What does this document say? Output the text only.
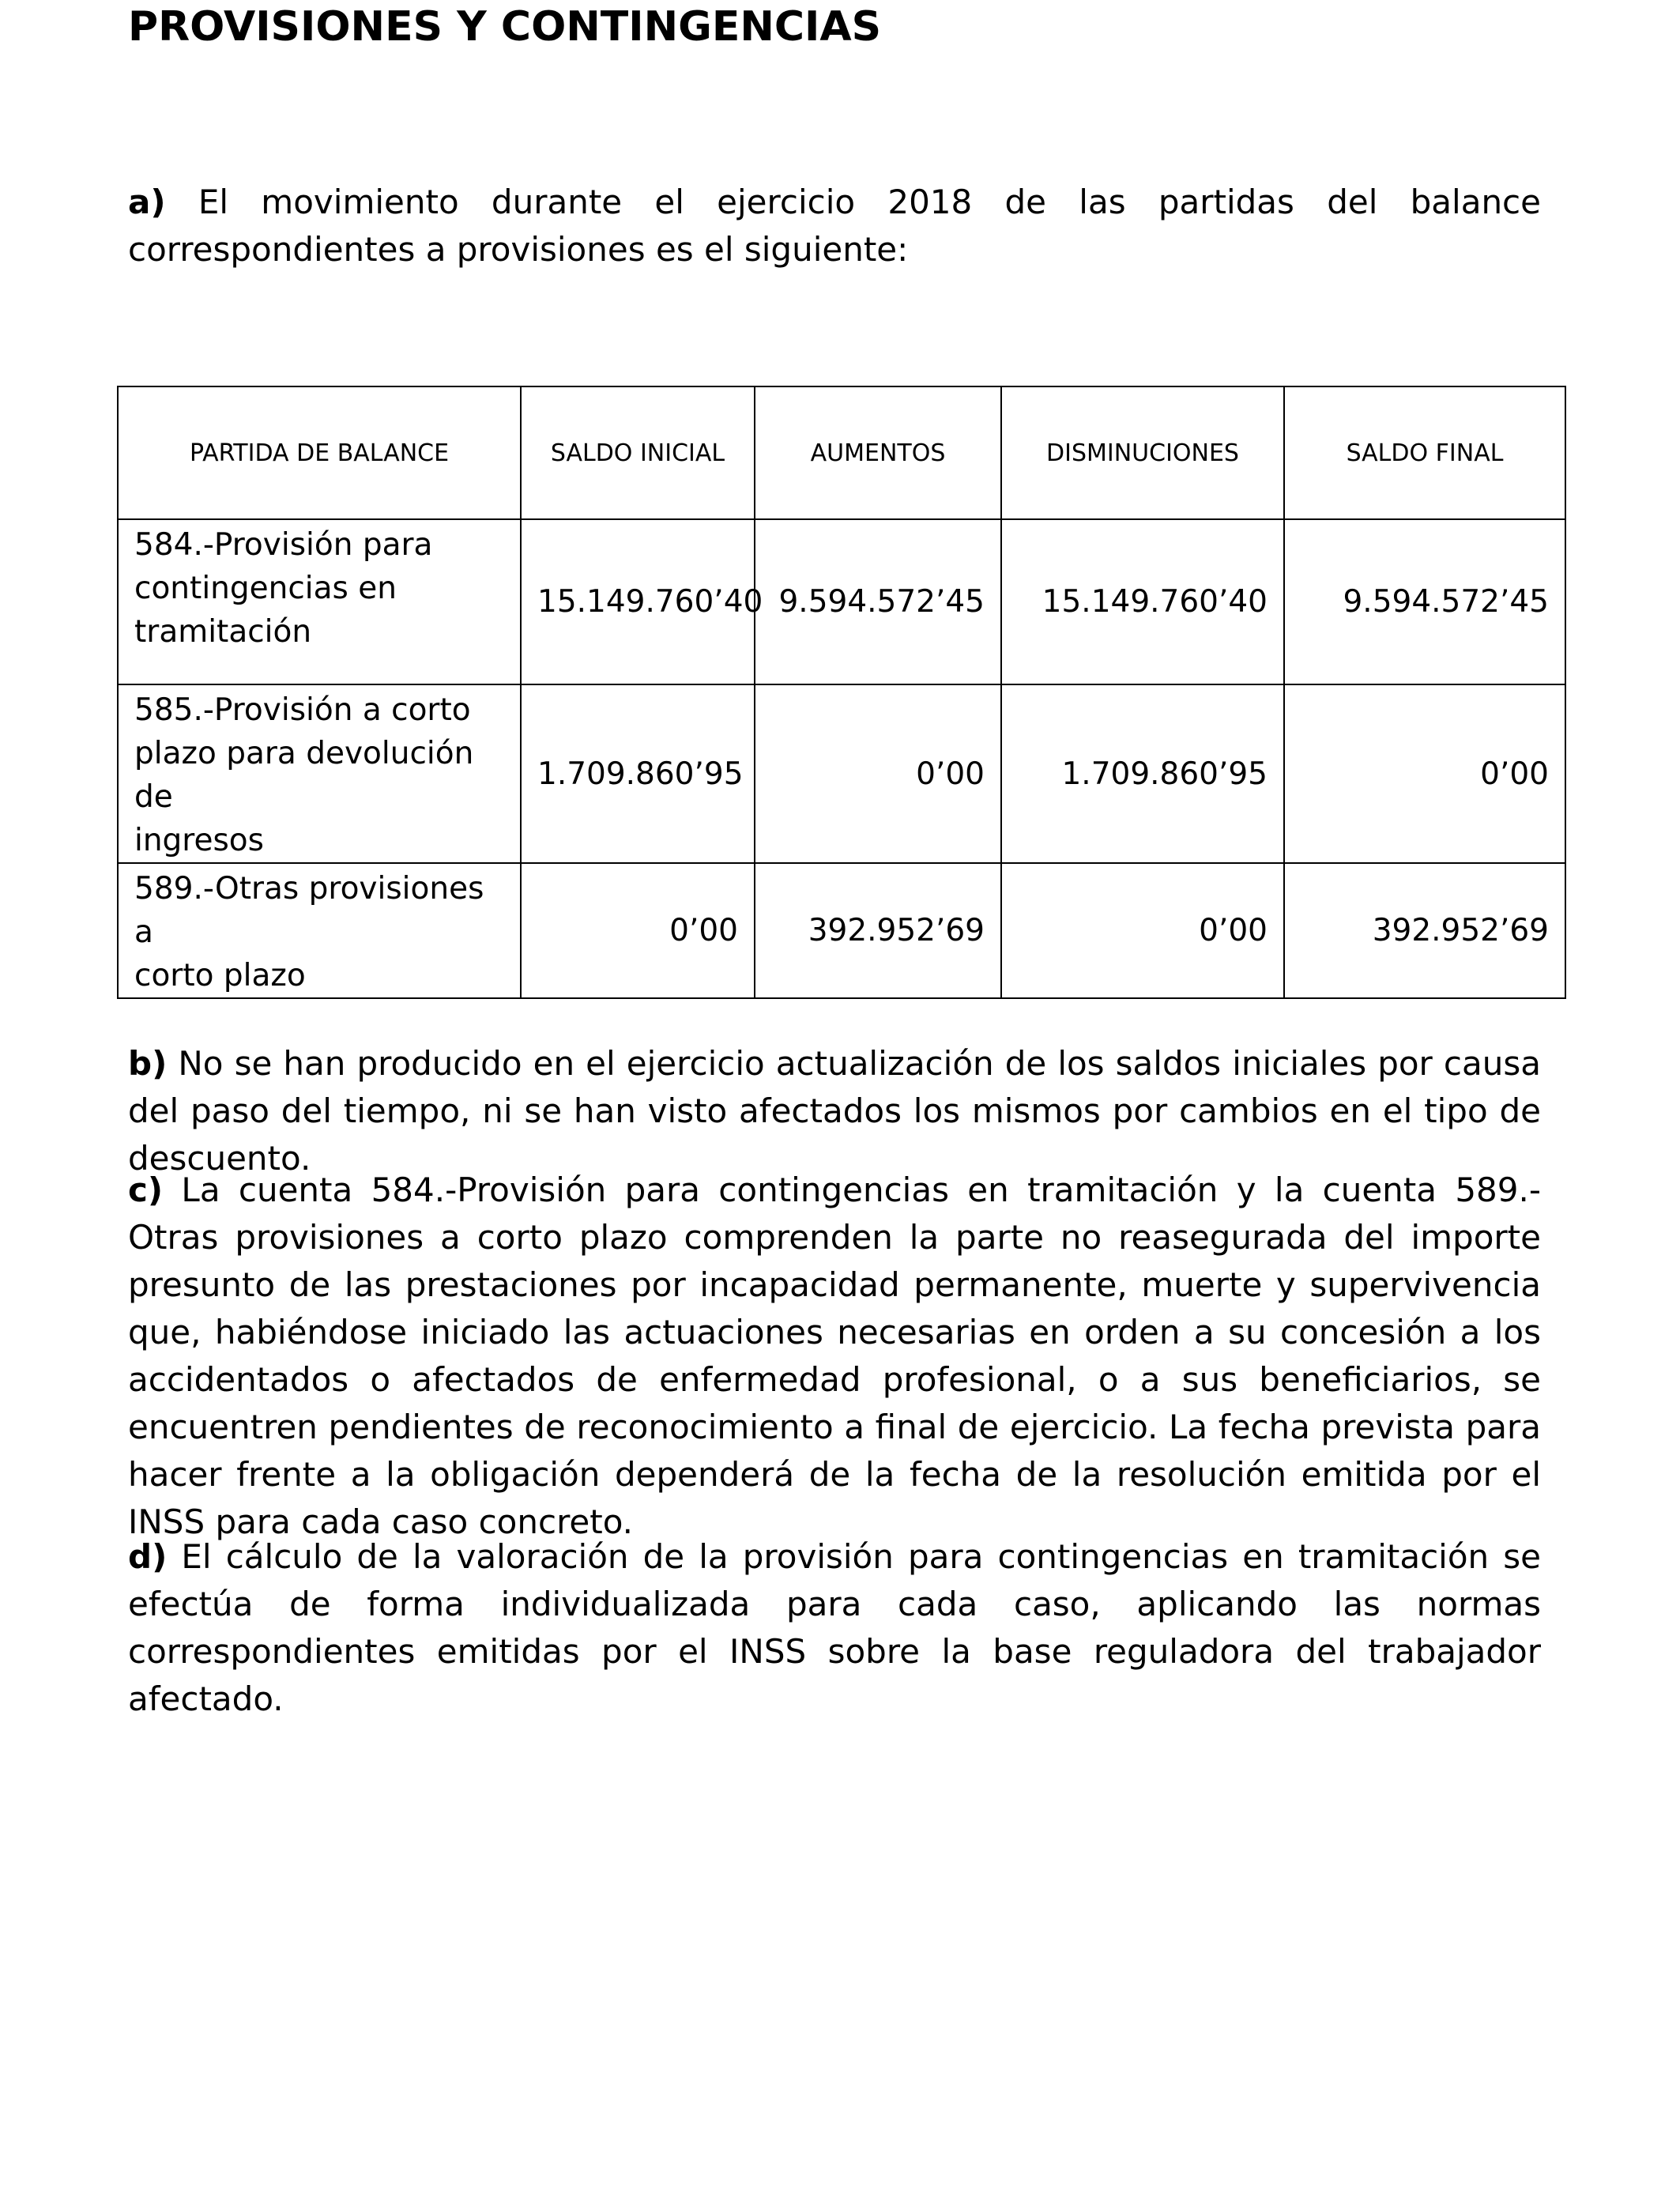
PROVISIONES Y CONTINGENCIAS

a) El movimiento durante el ejercicio 2018 de las partidas del balance correspondientes a provisiones es el siguiente:

PARTIDA DE BALANCE	SALDO INICIAL	AUMENTOS	DISMINUCIONES	SALDO FINAL
584.-Provisión para
contingencias en
tramitación	15.149.760’40	9.594.572’45	15.149.760’40	9.594.572’45
585.-Provisión a corto
plazo para devolución de
ingresos	1.709.860’95	0’00	1.709.860’95	0’00
589.-Otras provisiones a
corto plazo	0’00	392.952’69	0’00	392.952’69

b) No se han producido en el ejercicio actualización de los saldos iniciales por causa del paso del tiempo, ni se han visto afectados los mismos por cambios en el tipo de descuento.

c) La cuenta 584.-Provisión para contingencias en tramitación y la cuenta 589.-Otras provisiones a corto plazo comprenden la parte no reasegurada del importe presunto de las prestaciones por incapacidad permanente, muerte y supervivencia que, habiéndose iniciado las actuaciones necesarias en orden a su concesión a los accidentados o afectados de enfermedad profesional, o a sus beneficiarios, se encuentren pendientes de reconocimiento a final de ejercicio. La fecha prevista para hacer frente a la obligación dependerá de la fecha de la resolución emitida por el INSS para cada caso concreto.

d) El cálculo de la valoración de la provisión para contingencias en tramitación se efectúa de forma individualizada para cada caso, aplicando las normas correspondientes emitidas por el INSS sobre la base reguladora del trabajador afectado.
